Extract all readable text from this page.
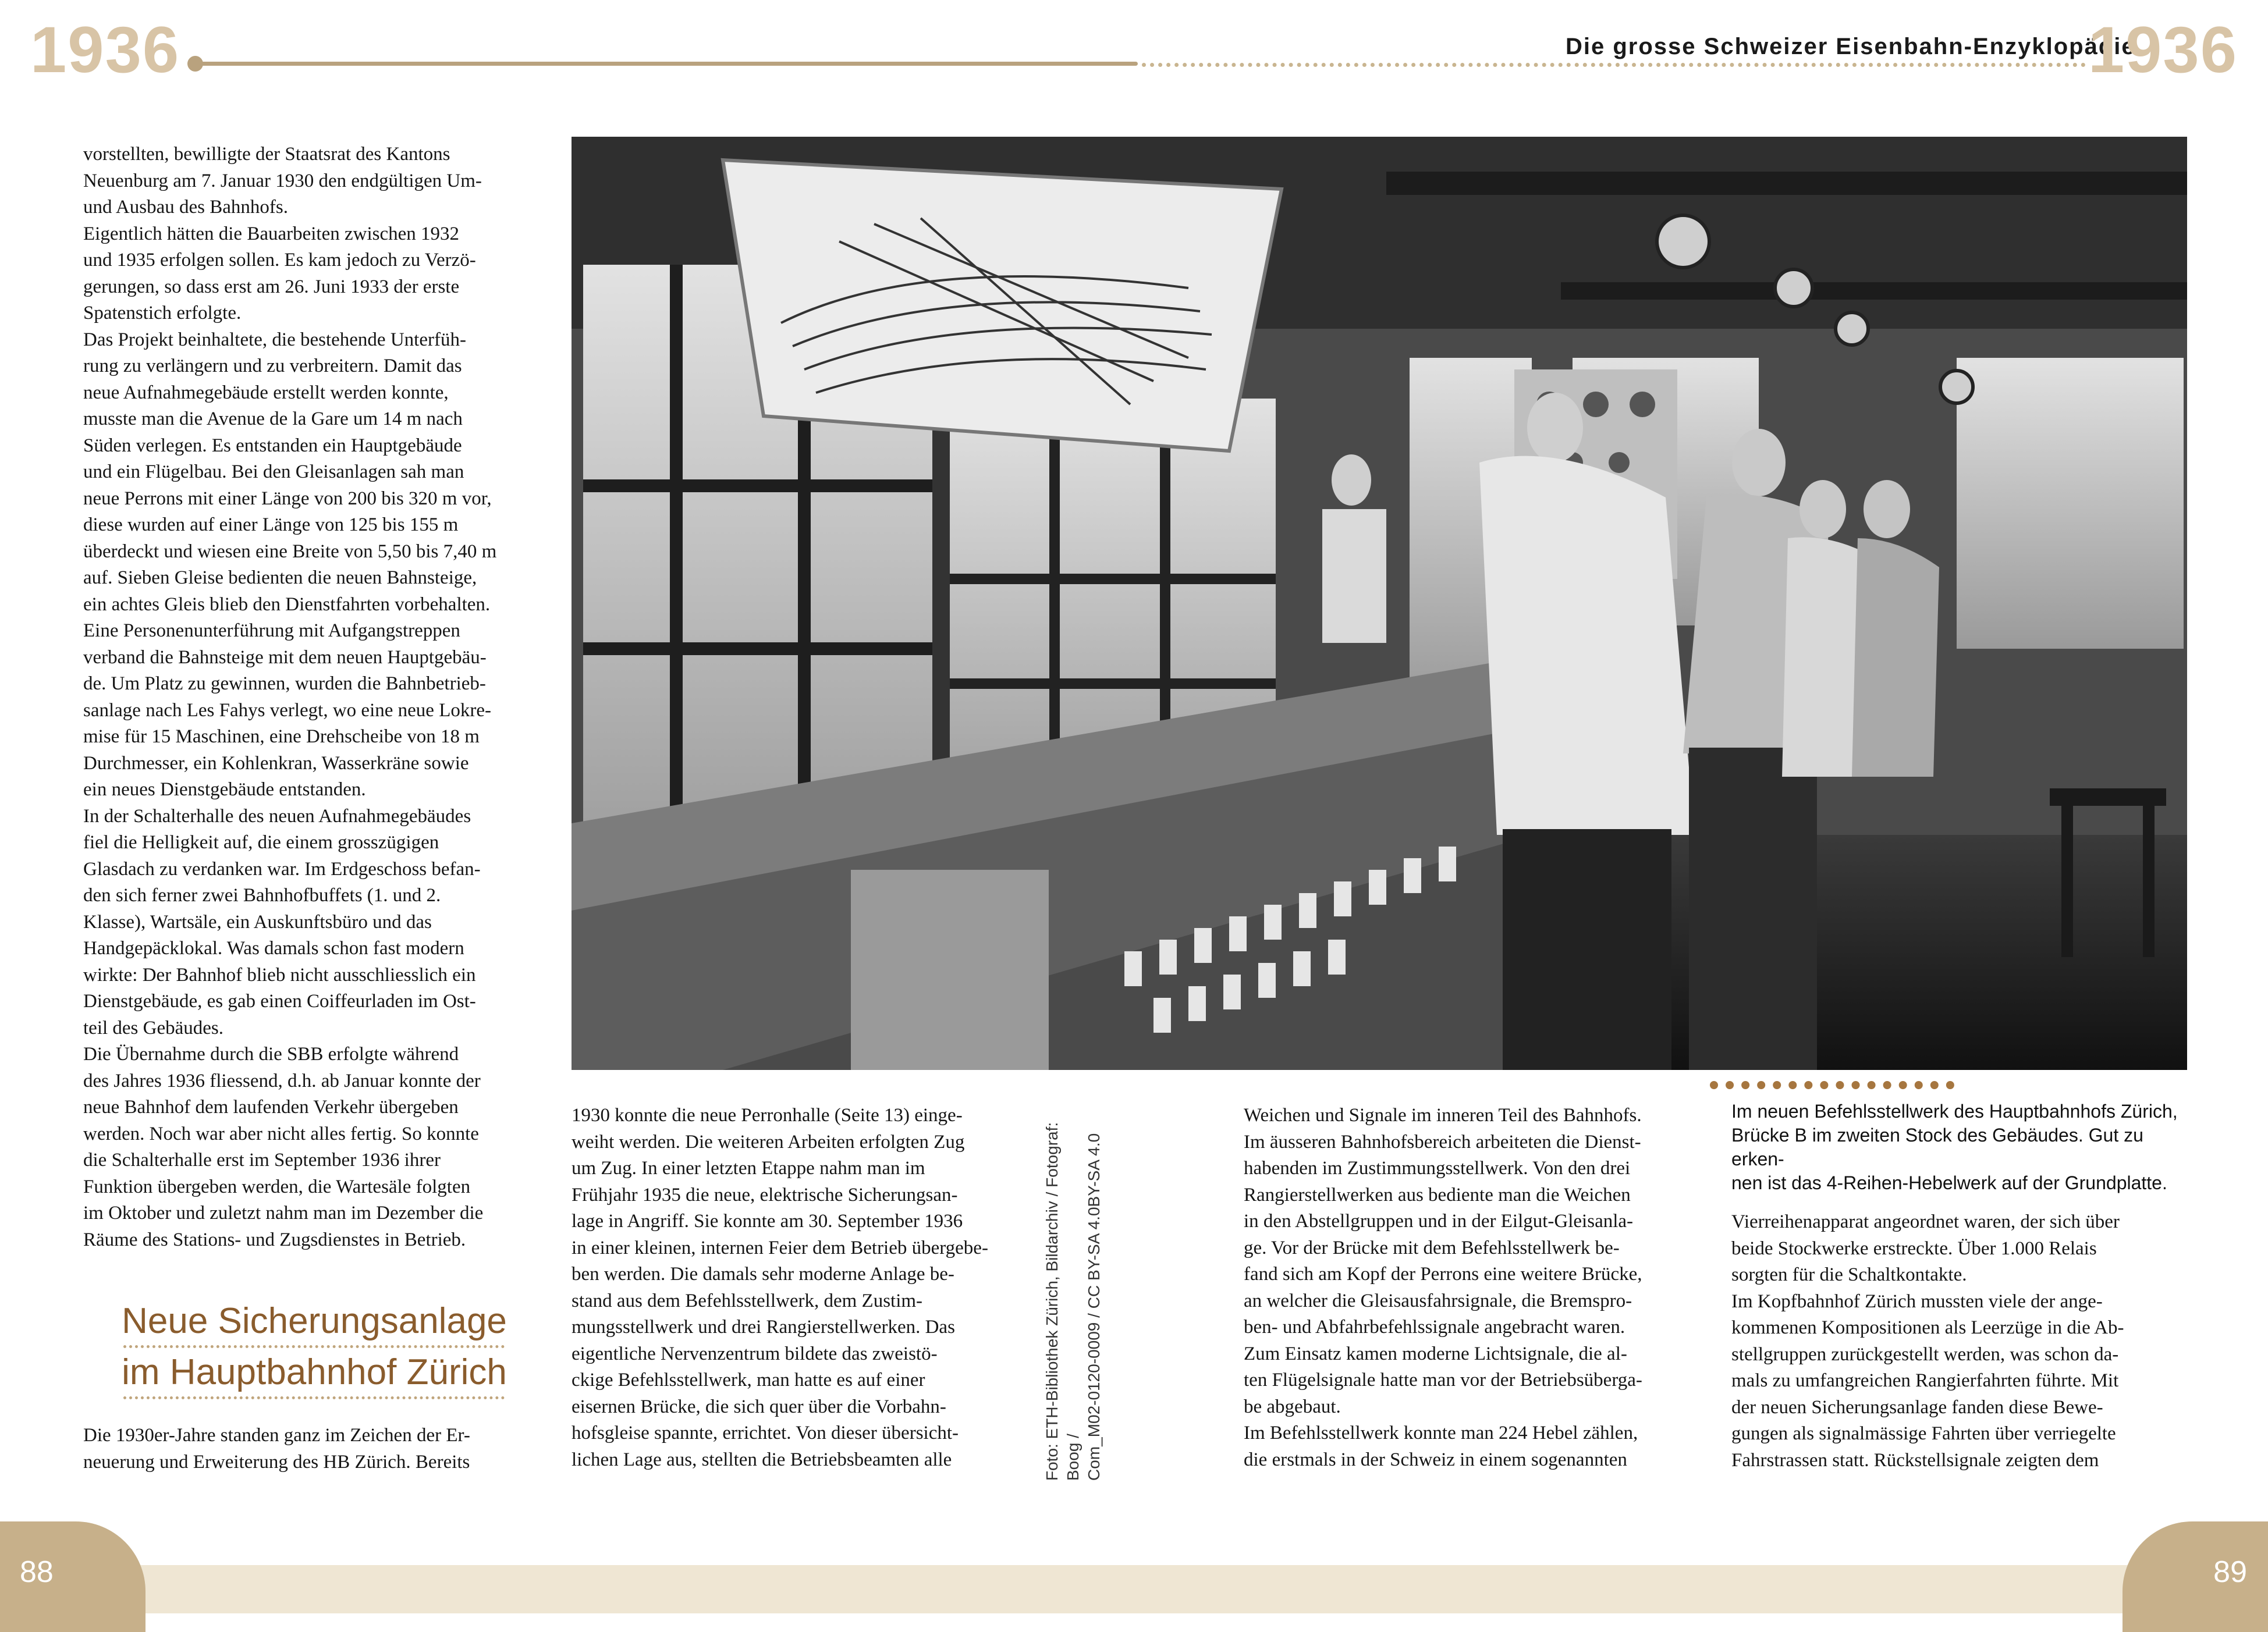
1936	Die grosse Schweizer Eisenbahn-Enzyklopädie
1936
vorstellten, bewilligte der Staatsrat des Kantons
Neuenburg am 7. Januar 1930 den endgültigen Um-
und Ausbau des Bahnhofs.
Eigentlich hätten die Bauarbeiten zwischen 1932
und 1935 erfolgen sollen. Es kam jedoch zu Verzö-
gerungen, so dass erst am 26. Juni 1933 der erste
Spatenstich erfolgte.
Das Projekt beinhaltete, die bestehende Unterfüh-
rung zu verlängern und zu verbreitern. Damit das
neue Aufnahmegebäude erstellt werden konnte,
musste man die Avenue de la Gare um 14 m nach
Süden verlegen. Es entstanden ein Hauptgebäude
und ein Flügelbau. Bei den Gleisanlagen sah man
neue Perrons mit einer Länge von 200 bis 320 m vor,
diese wurden auf einer Länge von 125 bis 155 m
überdeckt und wiesen eine Breite von 5,50 bis 7,40 m
auf. Sieben Gleise bedienten die neuen Bahnsteige,
ein achtes Gleis blieb den Dienstfahrten vorbehalten.
Eine Personenunterführung mit Aufgangstreppen
verband die Bahnsteige mit dem neuen Hauptgebäu-
de. Um Platz zu gewinnen, wurden die Bahnbetrieb-
sanlage nach Les Fahys verlegt, wo eine neue Lokre-
mise für 15 Maschinen, eine Drehscheibe von 18 m
Durchmesser, ein Kohlenkran, Wasserkräne sowie
ein neues Dienstgebäude entstanden.
In der Schalterhalle des neuen Aufnahmegebäudes
fiel die Helligkeit auf, die einem grosszügigen
Glasdach zu verdanken war. Im Erdgeschoss befan-
den sich ferner zwei Bahnhofbuffets (1. und 2.
Klasse), Wartsäle, ein Auskunftsbüro und das
Handgepäcklokal. Was damals schon fast modern
wirkte: Der Bahnhof blieb nicht ausschliesslich ein
Dienstgebäude, es gab einen Coiffeurladen im Ost-
teil des Gebäudes.
Die Übernahme durch die SBB erfolgte während
des Jahres 1936 fliessend, d.h. ab Januar konnte der
neue Bahnhof dem laufenden Verkehr übergeben
werden. Noch war aber nicht alles fertig. So konnte
die Schalterhalle erst im September 1936 ihrer
Funktion übergeben werden, die Wartesäle folgten
im Oktober und zuletzt nahm man im Dezember die
Räume des Stations- und Zugsdienstes in Betrieb.
Neue Sicherungsanlage
im Hauptbahnhof Zürich
Die 1930er-Jahre standen ganz im Zeichen der Er-
neuerung und Erweiterung des HB Zürich. Bereits
1930 konnte die neue Perronhalle (Seite 13) einge-
weiht werden. Die weiteren Arbeiten erfolgten Zug
um Zug. In einer letzten Etappe nahm man im
Frühjahr 1935 die neue, elektrische Sicherungsan-
lage in Angriff. Sie konnte am 30. September 1936
in einer kleinen, internen Feier dem Betrieb übergebe-
ben werden. Die damals sehr moderne Anlage be-
stand aus dem Befehlsstellwerk, dem Zustim-
mungsstellwerk und drei Rangierstellwerken. Das
eigentliche Nervenzentrum bildete das zweistö-
ckige Befehlsstellwerk, man hatte es auf einer
eisernen Brücke, die sich quer über die Vorbahn-
hofsgleise spannte, errichtet. Von dieser übersicht-
lichen Lage aus, stellten die Betriebsbeamten alle	Foto: ETH-Bibliothek Zürich, Bildarchiv / Fotograf: Boog /
Com_M02-0120-0009 / CC BY-SA 4.0BY-SA 4.0
Weichen und Signale im inneren Teil des Bahnhofs.
Im äusseren Bahnhofsbereich arbeiteten die Dienst-
habenden im Zustimmungsstellwerk. Von den drei
Rangierstellwerken aus bediente man die Weichen
in den Abstellgruppen und in der Eilgut-Gleisanla-
ge. Vor der Brücke mit dem Befehlsstellwerk be-
fand sich am Kopf der Perrons eine weitere Brücke,
an welcher die Gleisausfahrsignale, die Bremspro-
ben- und Abfahrbefehlssignale angebracht waren.
Zum Einsatz kamen moderne Lichtsignale, die al-
ten Flügelsignale hatte man vor der Betriebsüberga-
be abgebaut.
Im Befehlsstellwerk konnte man 224 Hebel zählen,
die erstmals in der Schweiz in einem sogenannten
Im neuen Befehlsstellwerk des Hauptbahnhofs Zürich,
Brücke B im zweiten Stock des Gebäudes. Gut zu erken-
nen ist das 4-Reihen-Hebelwerk auf der Grundplatte.
Vierreihenapparat angeordnet waren, der sich über
beide Stockwerke erstreckte. Über 1.000 Relais
sorgten für die Schaltkontakte.
Im Kopfbahnhof Zürich mussten viele der ange-
kommenen Kompositionen als Leerzüge in die Ab-
stellgruppen zurückgestellt werden, was schon da-
mals zu umfangreichen Rangierfahrten führte. Mit
der neuen Sicherungsanlage fanden diese Bewe-
gungen als signalmässige Fahrten über verriegelte
Fahrstrassen statt. Rückstellsignale zeigten dem
88	89
